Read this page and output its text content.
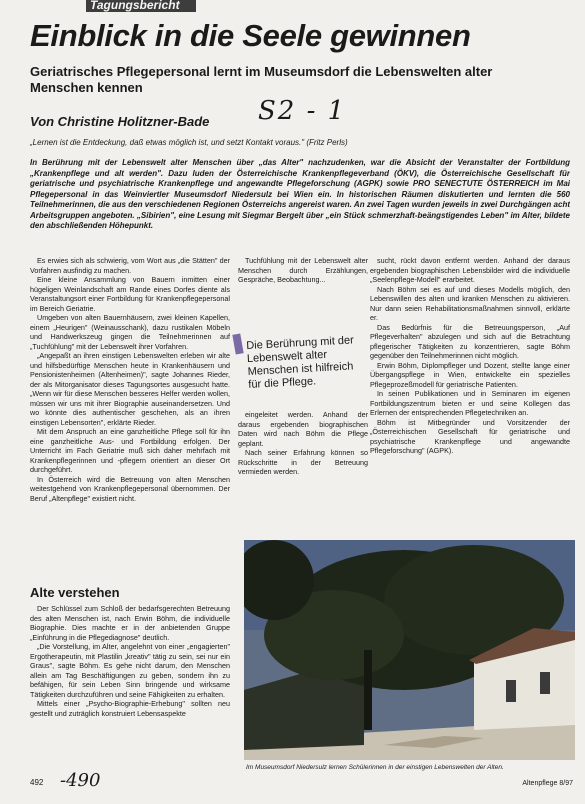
Tagungsbericht
Einblick in die Seele gewinnen
Geriatrisches Pflegepersonal lernt im Museumsdorf die Lebenswelten alter Menschen kennen
Von Christine Holitzner-Bade S2 - 1
„Lernen ist die Entdeckung, daß etwas möglich ist, und setzt Kontakt voraus." (Fritz Perls)
In Berührung mit der Lebenswelt alter Menschen über „das Alter" nachzudenken, war die Absicht der Veranstalter der Fortbildung „Krankenpflege und alt werden". Dazu luden der Österreichische Krankenpflegeverband (ÖKV), die Österreichische Gesellschaft für geriatrische und psychiatrische Krankenpflege und angewandte Pflegeforschung (AGPK) sowie PRO SENECTUTE ÖSTERREICH im Mai Pflegepersonal in das Weinviertler Museumsdorf Niedersulz bei Wien ein. In historischen Räumen diskutierten und lernten die 560 Teilnehmerinnen, die aus den verschiedenen Regionen Österreichs angereist waren. An zwei Tagen wurden jeweils in zwei Durchgängen acht Arbeitsgruppen angeboten. „Sibirien", eine Lesung mit Siegmar Bergelt über „ein Stück schmerzhaft-beängstigendes Leben" im Alter, bildete den abschließenden Höhepunkt.

Es erwies sich als schwierig, vom Wort aus „die Stätten" der Vorfahren ausfindig zu machen.

Eine kleine Ansammlung von Bauern inmitten einer hügeligen Weinlandschaft am Rande eines Dorfes diente als Veranstaltungsort einer Fortbildung für Krankenpflegepersonal im Bereich Geriatrie.

Umgeben von alten Bauernhäusern, zwei kleinen Kapellen, einem „Heurigen" (Weinausschank), dazu rustikalen Möbeln und Handwerkszeug gingen die Teilnehmerinnen auf „Tuchfühlung" mit der Lebenswelt ihrer Vorfahren.

„Angepaßt an ihren einstigen Lebenswelten erleben wir alte und hilfsbedürftige Menschen heute in Krankenhäusern und Pensionistenheimen (Altenheimen)", sagte Johannes Rieder, der als Mitorganisator dieses Tagungsortes ausgesucht hatte. „Wenn wir für diese Menschen besseres Helfer werden wollen, müssen wir uns mit ihrer Biographie auseinandersetzen. Und wo könnte dies authentischer geschehen, als an ihren einstigen Lebensorten", erklärte Rieder.

Mit dem Anspruch an eine ganzheitliche Pflege soll für ihn eine ganzheitliche Aus- und Fortbildung erfolgen. Der Unterricht im Fach Geriatrie muß sich daher mehrfach mit Krankenpflegerinnen und -pflegern orientiert an dieser Ort durchgeführt.

In Österreich wird die Betreuung von alten Menschen weitestgehend von Krankenpflegepersonal übernommen. Der Beruf „Altenpflege" existiert nicht.

Alte verstehen

Der Schlüssel zum Schloß der bedarfsgerechten Betreuung des alten Menschen ist, nach Erwin Böhm, die individuelle Biographie. Dies machte er in der anbietenden Gruppe „Einführung in die Pflegediagnose" deutlich.

„Die Vorstellung, im Alter, angelehnt von einer „engagierten" Ergotherapeutin, mit Plastilin „kreativ" tätig zu sein, sei nur ein Graus", sagte Böhm. Es gehe nicht darum, den Menschen allein am Tag Beschäftigungen zu geben, sondern ihn zu befähigen, für sein Leben Sinn bringende und wirksame Tätigkeiten durchzuführen und seine Fähigkeiten zu erhalten.

Mittels einer „Psycho-Biographie-Erhebung" sollten neu gestellt und zuträglich konstruiert Lebensaspekte

Tuchfühlung mit der Lebenswelt alter Menschen durch Erzählungen, Gespräche, Beobachtung...

Die Berührung mit der Lebenswelt alter Menschen ist hilfreich für die Pflege.

eingeleitet werden. Anhand der daraus ergebenden biographischen Daten wird nach Böhm die Pflege geplant.

Nach seiner Erfahrung können so Rückschritte in der Betreuung vermieden werden.

sucht, rückt davon entfernt werden. Anhand der daraus ergebenden biographischen Lebensbilder wird die individuelle „Seelenpflege-Modell" erarbeitet.

Nach Böhm sei es auf und dieses Modells möglich, den Lebenswillen des alten und kranken Menschen zu aktivieren. Nur dann seien Rehabilitationsmaßnahmen sinnvoll, erklärte er.

Das Bedürfnis für die Betreuungsperson, „Auf Pflegeverhalten" abzulegen und sich auf die Betrachtung pflegerischer Tätigkeiten zu konzentrieren, sagte Böhm gegenüber den Teilnehmerinnen nicht möglich.

Erwin Böhm, Diplompfleger und Dozent, stellte lange einer Übergangspflege in Wien, entwickelte ein spezielles Pflegeprozeßmodell für geriatrische Patienten.

In seinen Publikationen und in Seminaren im eigenen Fortbildungszentrum bieten er und seine Kollegen das Erlernen der entsprechenden Pflegetechniken an.

Böhm ist Mitbegründer und Vorsitzender der „Österreichischen Gesellschaft für geriatrische und psychiatrische Krankenpflege und angewandte Pflegeforschung" (AGPK).

Im Museumsdorf Niedersulz lernen Schülerinnen in der einstigen Lebenswelten der Alten.
492 -490	Altenpflege 8/97
